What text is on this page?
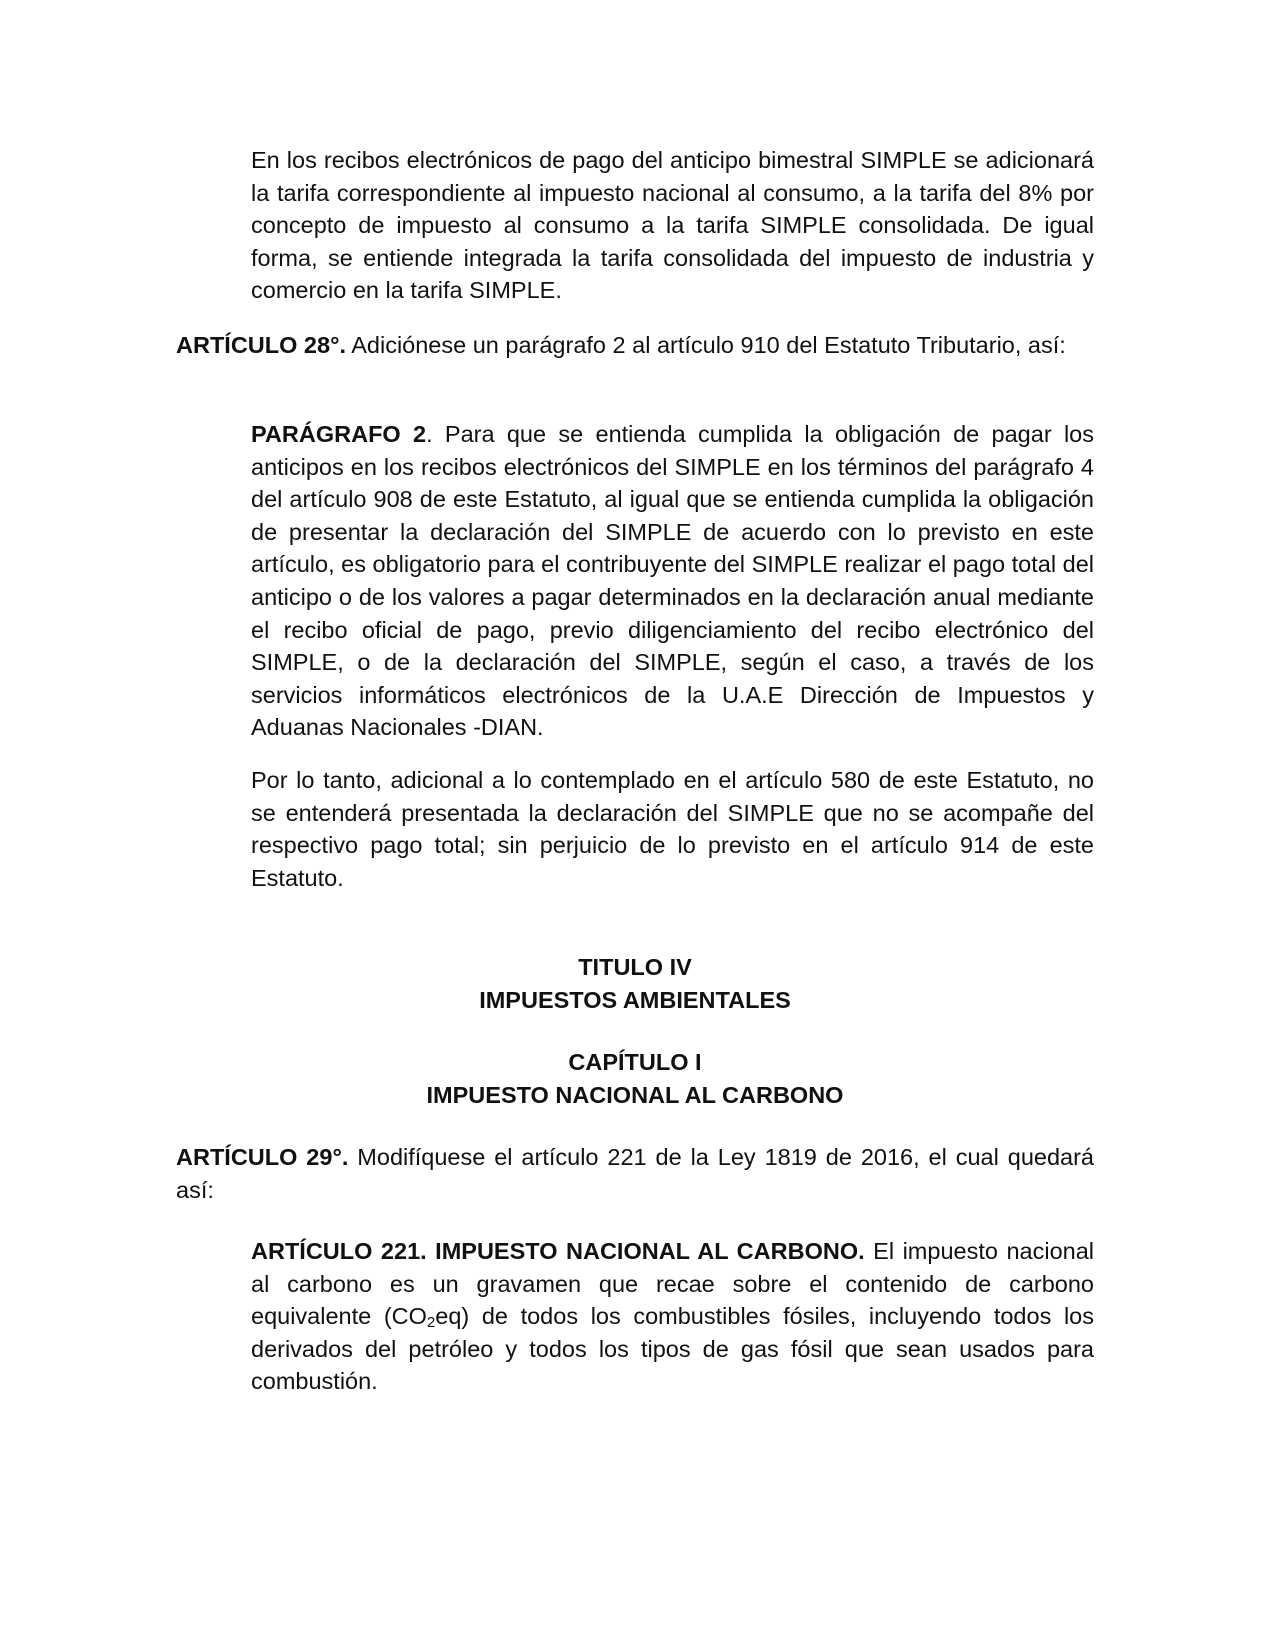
En los recibos electrónicos de pago del anticipo bimestral SIMPLE se adicionará la tarifa correspondiente al impuesto nacional al consumo, a la tarifa del 8% por concepto de impuesto al consumo a la tarifa SIMPLE consolidada. De igual forma, se entiende integrada la tarifa consolidada del impuesto de industria y comercio en la tarifa SIMPLE.

ARTÍCULO 28°. Adiciónese un parágrafo 2 al artículo 910 del Estatuto Tributario, así:

PARÁGRAFO 2. Para que se entienda cumplida la obligación de pagar los anticipos en los recibos electrónicos del SIMPLE en los términos del parágrafo 4 del artículo 908 de este Estatuto, al igual que se entienda cumplida la obligación de presentar la declaración del SIMPLE de acuerdo con lo previsto en este artículo, es obligatorio para el contribuyente del SIMPLE realizar el pago total del anticipo o de los valores a pagar determinados en la declaración anual mediante el recibo oficial de pago, previo diligenciamiento del recibo electrónico del SIMPLE, o de la declaración del SIMPLE, según el caso, a través de los servicios informáticos electrónicos de la U.A.E Dirección de Impuestos y Aduanas Nacionales -DIAN.

Por lo tanto, adicional a lo contemplado en el artículo 580 de este Estatuto, no se entenderá presentada la declaración del SIMPLE que no se acompañe del respectivo pago total; sin perjuicio de lo previsto en el artículo 914 de este Estatuto.

TITULO IV
IMPUESTOS AMBIENTALES
CAPÍTULO I
IMPUESTO NACIONAL AL CARBONO

ARTÍCULO 29°. Modifíquese el artículo 221 de la Ley 1819 de 2016, el cual quedará así:

ARTÍCULO 221. IMPUESTO NACIONAL AL CARBONO. El impuesto nacional al carbono es un gravamen que recae sobre el contenido de carbono equivalente $(CO_2eq)$ de todos los combustibles fósiles, incluyendo todos los derivados del petróleo y todos los tipos de gas fósil que sean usados para combustión.
